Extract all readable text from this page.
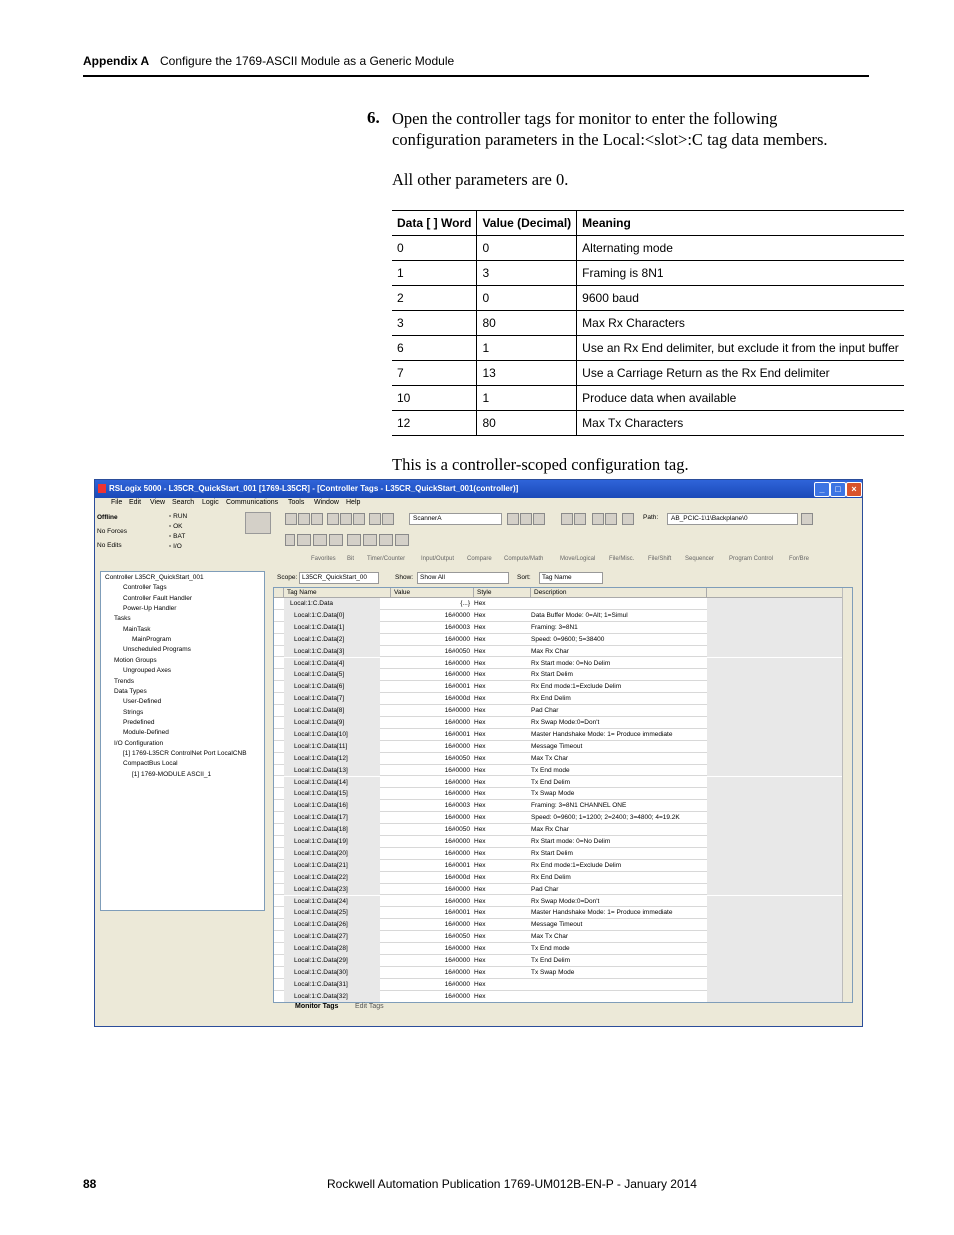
Appendix A Configure the 1769-ASCII Module as a Generic Module
6. Open the controller tags for monitor to enter the following configuration parameters in the Local:<slot>:C tag data members.
All other parameters are 0.
Data [ ] Word	Value (Decimal)	Meaning
0	0	Alternating mode
1	3	Framing is 8N1
2	0	9600 baud
3	80	Max Rx Characters
6	1	Use an Rx End delimiter, but exclude it from the input buffer
7	13	Use a Carriage Return as the Rx End delimiter
10	1	Produce data when available
12	80	Max Tx Characters
This is a controller-scoped configuration tag.
RSLogix 5000 - L35CR_QuickStart_001 [1769-L35CR] - [Controller Tags - L35CR_QuickStart_001(controller)]	_	□	×
File Edit View Search Logic Communications Tools Window Help
Offline
No Forces
No Edits
▫ RUN
▫ OK
▫ BAT
▫ I/O
ScannerA	Path:	AB_PCIC-1\1\Backplane\0
Favorites Bit Timer/Counter	Input/Output Compare Compute/Math	Move/Logical File/Misc. File/Shift Sequencer Program Control	For/Bre
Controller L35CR_QuickStart_001
Controller Tags
Controller Fault Handler
Power-Up Handler
Tasks
MainTask
MainProgram
Unscheduled Programs
Motion Groups
Ungrouped Axes
Trends
Data Types
User-Defined
Strings
Predefined
Module-Defined
I/O Configuration
[1] 1769-L35CR ControlNet Port LocalCNB
CompactBus Local
[1] 1769-MODULE ASCII_1
Scope: L35CR_QuickStart_00	Show:	Show All	Sort:	Tag Name
Tag Name	Value	Style	Description
Local:1:C.Data	{...} Hex
Local:1:C.Data[0]	16#0000 Hex	Data Buffer Mode: 0=Alt; 1=Simul
Local:1:C.Data[1]	16#0003 Hex	Framing: 3=8N1
Local:1:C.Data[2]	16#0000 Hex	Speed: 0=9600; 5=38400
Local:1:C.Data[3]	16#0050 Hex	Max Rx Char
Local:1:C.Data[4]	16#0000 Hex	Rx Start mode: 0=No Delim
Local:1:C.Data[5]	16#0000 Hex	Rx Start Delim
Local:1:C.Data[6]	16#0001 Hex	Rx End mode:1=Exclude Delim
Local:1:C.Data[7]	16#000d Hex	Rx End Delim
Local:1:C.Data[8]	16#0000 Hex	Pad Char
Local:1:C.Data[9]	16#0000 Hex	Rx Swap Mode:0=Don't
Local:1:C.Data[10]	16#0001 Hex	Master Handshake Mode: 1= Produce immediate
Local:1:C.Data[11]	16#0000 Hex	Message Timeout
Local:1:C.Data[12]	16#0050 Hex	Max Tx Char
Local:1:C.Data[13]	16#0000 Hex	Tx End mode
Local:1:C.Data[14]	16#0000 Hex	Tx End Delim
Local:1:C.Data[15]	16#0000 Hex	Tx Swap Mode
Local:1:C.Data[16]	16#0003 Hex	Framing: 3=8N1 CHANNEL ONE
Local:1:C.Data[17]	16#0000 Hex	Speed: 0=9600; 1=1200; 2=2400; 3=4800; 4=19.2K
Local:1:C.Data[18]	16#0050 Hex	Max Rx Char
Local:1:C.Data[19]	16#0000 Hex	Rx Start mode: 0=No Delim
Local:1:C.Data[20]	16#0000 Hex	Rx Start Delim
Local:1:C.Data[21]	16#0001 Hex	Rx End mode:1=Exclude Delim
Local:1:C.Data[22]	16#000d Hex	Rx End Delim
Local:1:C.Data[23]	16#0000 Hex	Pad Char
Local:1:C.Data[24]	16#0000 Hex	Rx Swap Mode:0=Don't
Local:1:C.Data[25]	16#0001 Hex	Master Handshake Mode: 1= Produce immediate
Local:1:C.Data[26]	16#0000 Hex	Message Timeout
Local:1:C.Data[27]	16#0050 Hex	Max Tx Char
Local:1:C.Data[28]	16#0000 Hex	Tx End mode
Local:1:C.Data[29]	16#0000 Hex	Tx End Delim
Local:1:C.Data[30]	16#0000 Hex	Tx Swap Mode
Local:1:C.Data[31]	16#0000 Hex
Local:1:C.Data[32]	16#0000 Hex
Monitor Tags Edit Tags
88	Rockwell Automation Publication 1769-UM012B-EN-P - January 2014
